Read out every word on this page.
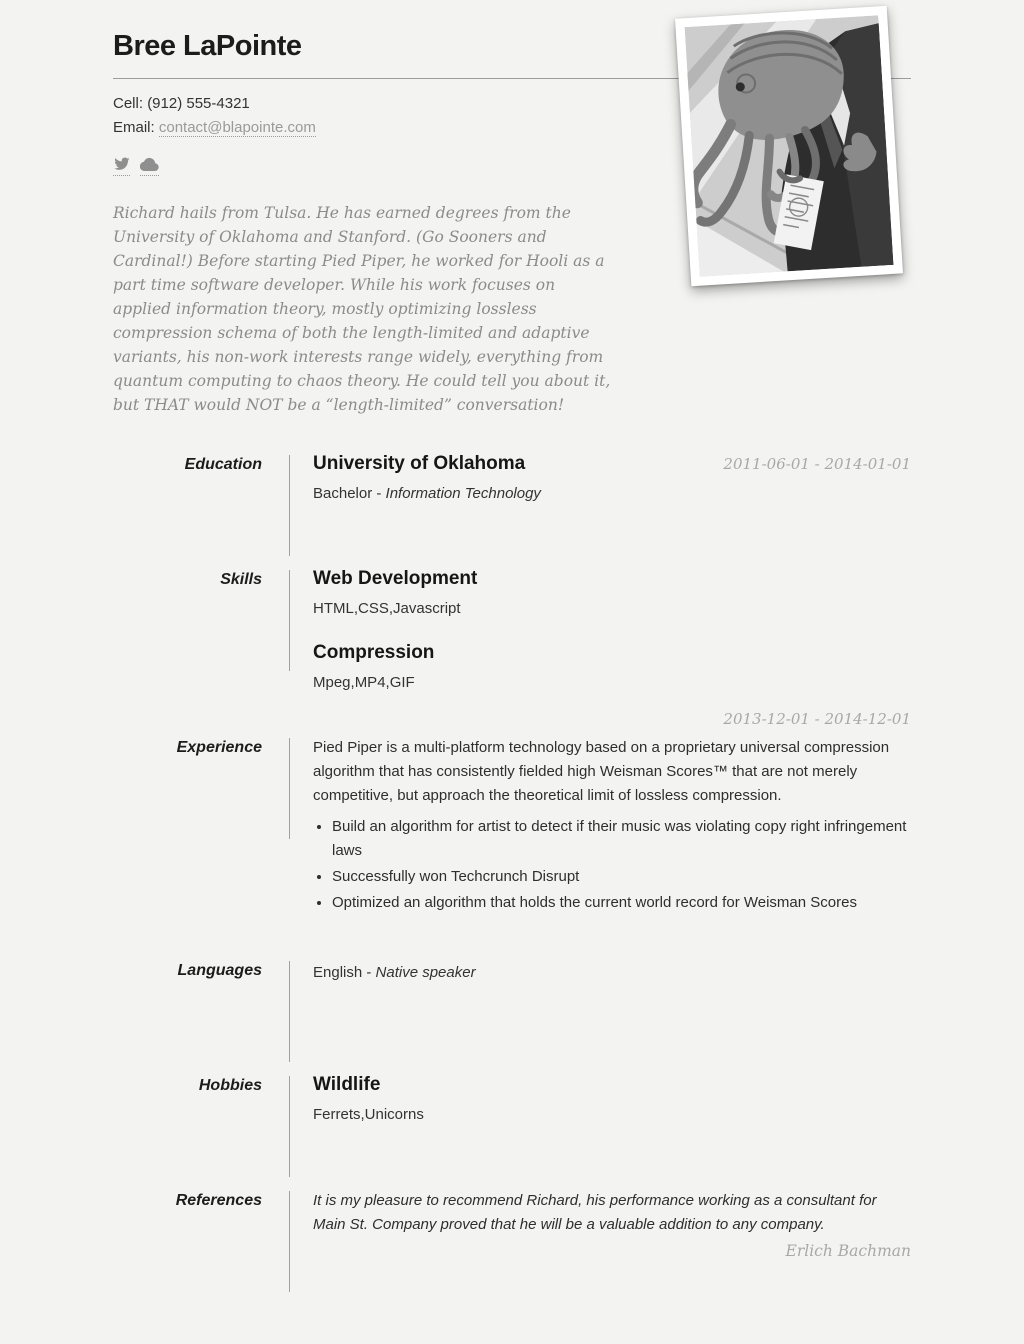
Bree LaPointe
Cell: (912) 555-4321
Email: contact@blapointe.com

Richard hails from Tulsa. He has earned degrees from the University of Oklahoma and Stanford. (Go Sooners and Cardinal!) Before starting Pied Piper, he worked for Hooli as a part time software developer. While his work focuses on applied information theory, mostly optimizing lossless compression schema of both the length-limited and adaptive variants, his non-work interests range widely, everything from quantum computing to chaos theory. He could tell you about it, but THAT would NOT be a “length-limited” conversation!

Education	University of Oklahoma	2011-06-01 - 2014-01-01

Bachelor - Information Technology

Skills	Web Development

HTML,CSS,Javascript

Compression

Mpeg,MP4,GIF

2013-12-01 - 2014-12-01
Experience	Pied Piper is a multi-platform technology based on a proprietary universal compression algorithm that has consistently fielded high Weisman Scores™ that are not merely competitive, but approach the theoretical limit of lossless compression.

• Build an algorithm for artist to detect if their music was violating copy right infringement laws
• Successfully won Techcrunch Disrupt
• Optimized an algorithm that holds the current world record for Weisman Scores
Languages	English - Native speaker

Hobbies	Wildlife

Ferrets,Unicorns

References	It is my pleasure to recommend Richard, his performance working as a consultant for Main St. Company proved that he will be a valuable addition to any company.

Erlich Bachman
